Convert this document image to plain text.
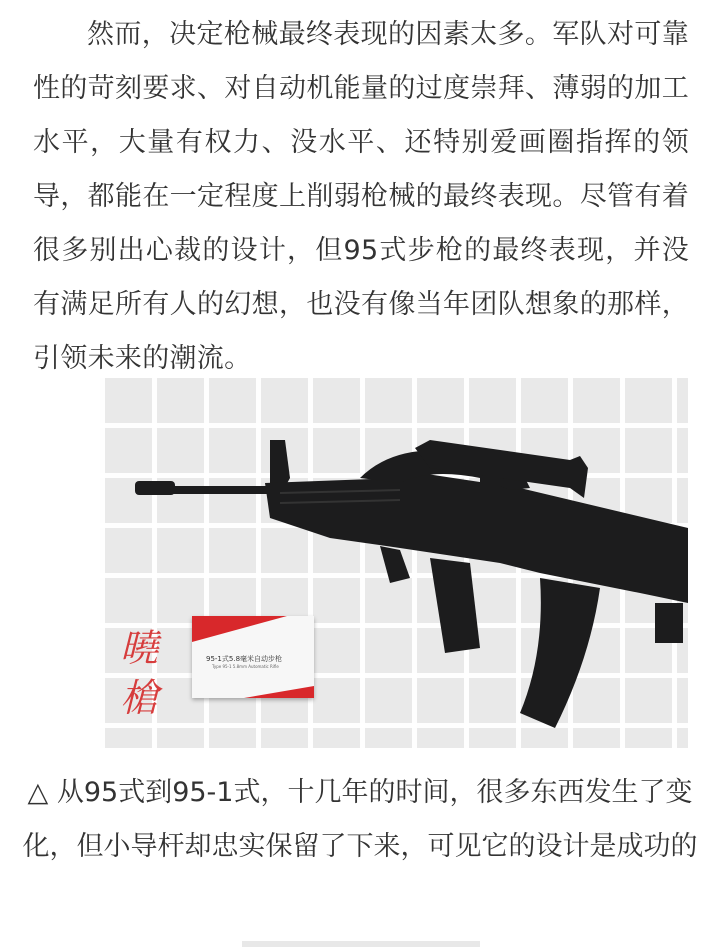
然而，决定枪械最终表现的因素太多。军队对可靠性的苛刻要求、对自动机能量的过度崇拜、薄弱的加工水平，大量有权力、没水平、还特别爱画圈指挥的领导，都能在一定程度上削弱枪械的最终表现。尽管有着很多别出心裁的设计，但95式步枪的最终表现，并没有满足所有人的幻想，也没有像当年团队想象的那样，引领未来的潮流。

95-1式5.8毫米自动步枪
Type 95-1 5.8mm Automatic Rifle
曉槍

△ 从95式到95-1式，十几年的时间，很多东西发生了变化，但小导杆却忠实保留了下来，可见它的设计是成功的
